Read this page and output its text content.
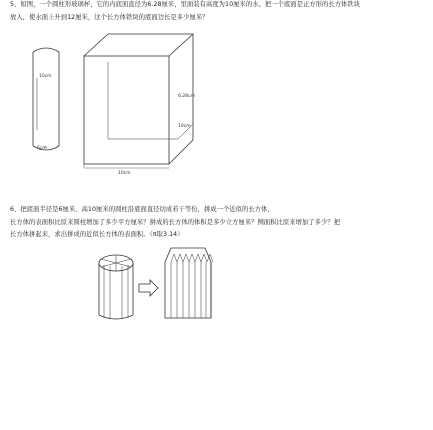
5、如图，一个圆柱形玻璃杯，它的内底面直径为6.28厘米，里面装有高度为10厘米的水。把一个底面是正方形的长方体铁块

放入，使水面上升到12厘米，这个长方体铁块的底面边长是多少厘米？

10cm
6cm
6.28cm
10cm
10cm

6、把底面半径是6厘米、高10厘米的圆柱沿底面直径切成若干等份，拼成一个近似的长方体，

长方体的表面积比原来圆柱增加了多少平方厘米？拼成的长方体的体积是多少立方厘米？侧面积比原来增加了多少？把

长方体拼起来，求出拼成的近似长方体的表面积。（π取3.14）
